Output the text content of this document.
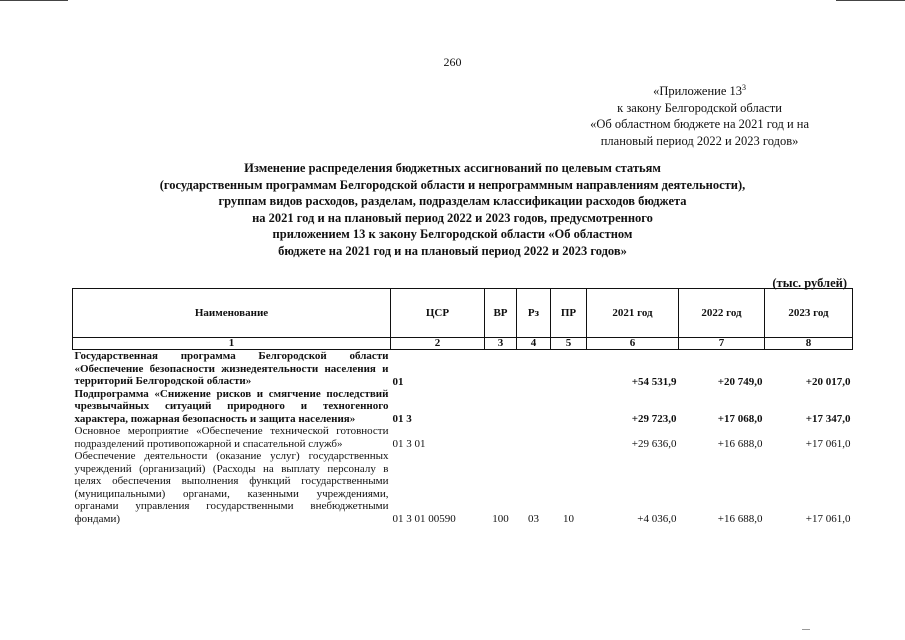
260
«Приложение $13^3$
к закону Белгородской области
«Об областном бюджете на 2021 год и на
плановый период 2022 и 2023 годов»
Изменение распределения бюджетных ассигнований по целевым статьям
(государственным программам Белгородской области и непрограммным направлениям деятельности),
группам видов расходов, разделам, подразделам классификации расходов бюджета
на 2021 год и на плановый период 2022 и 2023 годов, предусмотренного
приложением 13 к закону Белгородской области «Об областном
бюджете на 2021 год и на плановый период 2022 и 2023 годов»
(тыс. рублей)
Наименование	ЦСР	ВР	Рз	ПР	2021 год	2022 год	2023 год
1	2	3	4	5	6	7	8
Государственная программа Белгородской области «Обеспечение безопасности жизнедеятельности населения и территорий Белгородской области»	01				+54 531,9	+20 749,0	+20 017,0
Подпрограмма «Снижение рисков и смягчение последствий чрезвычайных ситуаций природного и техногенного характера, пожарная безопасность и защита населения»	01 3				+29 723,0	+17 068,0	+17 347,0
Основное мероприятие «Обеспечение технической готовности подразделений противопожарной и спасательной служб»	01 3 01				+29 636,0	+16 688,0	+17 061,0
Обеспечение деятельности (оказание услуг) государственных учреждений (организаций) (Расходы на выплату персоналу в целях обеспечения выполнения функций государственными (муниципальными) органами, казенными учреждениями, органами управления государственными внебюджетными фондами)	01 3 01 00590	100	03	10	+4 036,0	+16 688,0	+17 061,0
